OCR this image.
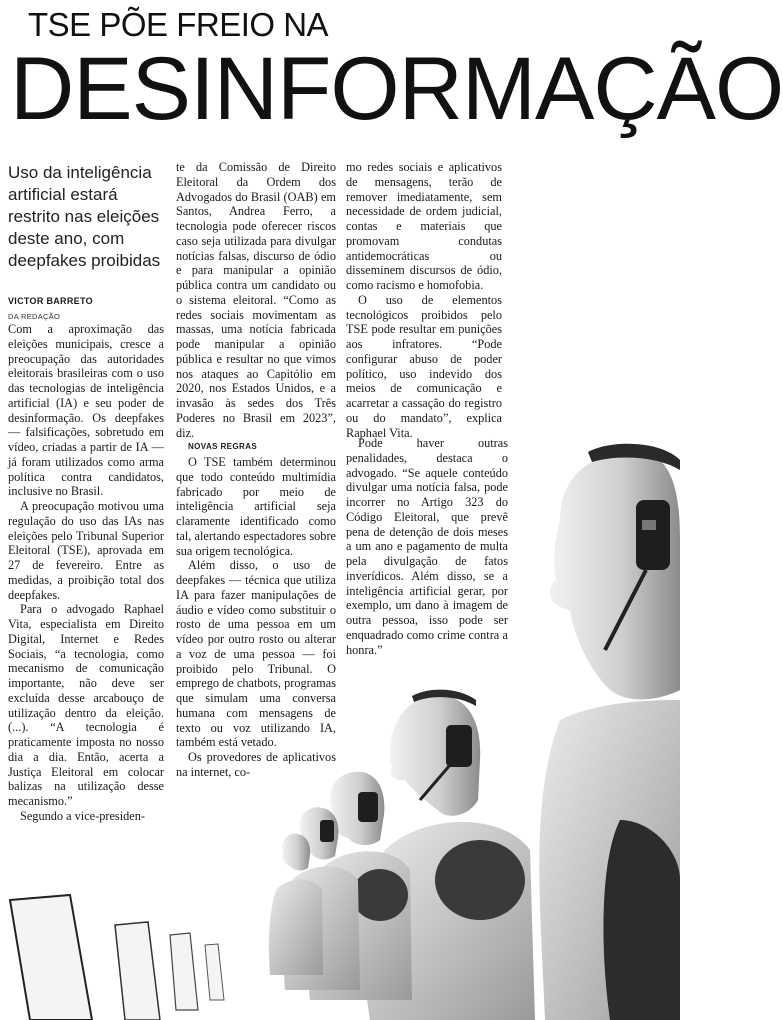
TSE PÕE FREIO NA
DESINFORMAÇÃO
Uso da inteligência artificial estará restrito nas eleições deste ano, com deepfakes proibidas
VICTOR BARRETO
DA REDAÇÃO

Com a aproximação das eleições municipais, cresce a preocupação das autoridades eleitorais brasileiras com o uso das tecnologias de inteligência artificial (IA) e seu poder de desinformação. Os deepfakes — falsificações, sobretudo em vídeo, criadas a partir de IA — já foram utilizados como arma política contra candidatos, inclusive no Brasil.

A preocupação motivou uma regulação do uso das IAs nas eleições pelo Tribunal Superior Eleitoral (TSE), aprovada em 27 de fevereiro. Entre as medidas, a proibição total dos deepfakes.

Para o advogado Raphael Vita, especialista em Direito Digital, Internet e Redes Sociais, “a tecnologia, como mecanismo de comunicação importante, não deve ser excluída desse arcabouço de utilização dentro da eleição. (...). “A tecnologia é praticamente imposta no nosso dia a dia. Então, acerta a Justiça Eleitoral em colocar balizas na utilização desse mecanismo.”

Segundo a vice-presiden-

te da Comissão de Direito Eleitoral da Ordem dos Advogados do Brasil (OAB) em Santos, Andrea Ferro, a tecnologia pode oferecer riscos caso seja utilizada para divulgar notícias falsas, discurso de ódio e para manipular a opinião pública contra um candidato ou o sistema eleitoral. “Como as redes sociais movimentam as massas, uma notícia fabricada pode manipular a opinião pública e resultar no que vimos nos ataques ao Capitólio em 2020, nos Estados Unidos, e a invasão às sedes dos Três Poderes no Brasil em 2023”, diz.

NOVAS REGRAS

O TSE também determinou que todo conteúdo multimídia fabricado por meio de inteligência artificial seja claramente identificado como tal, alertando espectadores sobre sua origem tecnológica.

Além disso, o uso de deepfakes — técnica que utiliza IA para fazer manipulações de áudio e vídeo como substituir o rosto de uma pessoa em um vídeo por outro rosto ou alterar a voz de uma pessoa — foi proibido pelo Tribunal. O emprego de chatbots, programas que simulam uma conversa humana com mensagens de texto ou voz utilizando IA, também está vetado.

Os provedores de aplicativos na internet, co-

mo redes sociais e aplicativos de mensagens, terão de remover imediatamente, sem necessidade de ordem judicial, contas e materiais que promovam condutas antidemocráticas ou disseminem discursos de ódio, como racismo e homofobia.

O uso de elementos tecnológicos proibidos pelo TSE pode resultar em punições aos infratores. “Pode configurar abuso de poder político, uso indevido dos meios de comunicação e acarretar a cassação do registro ou do mandato”, explica Raphael Vita.

Pode haver outras penalidades, destaca o advogado. “Se aquele conteúdo divulgar uma notícia falsa, pode incorrer no Artigo 323 do Código Eleitoral, que prevê pena de detenção de dois meses a um ano e pagamento de multa pela divulgação de fatos inverídicos. Além disso, se a inteligência artificial gerar, por exemplo, um dano à imagem de outra pessoa, isso pode ser enquadrado como crime contra a honra.”
